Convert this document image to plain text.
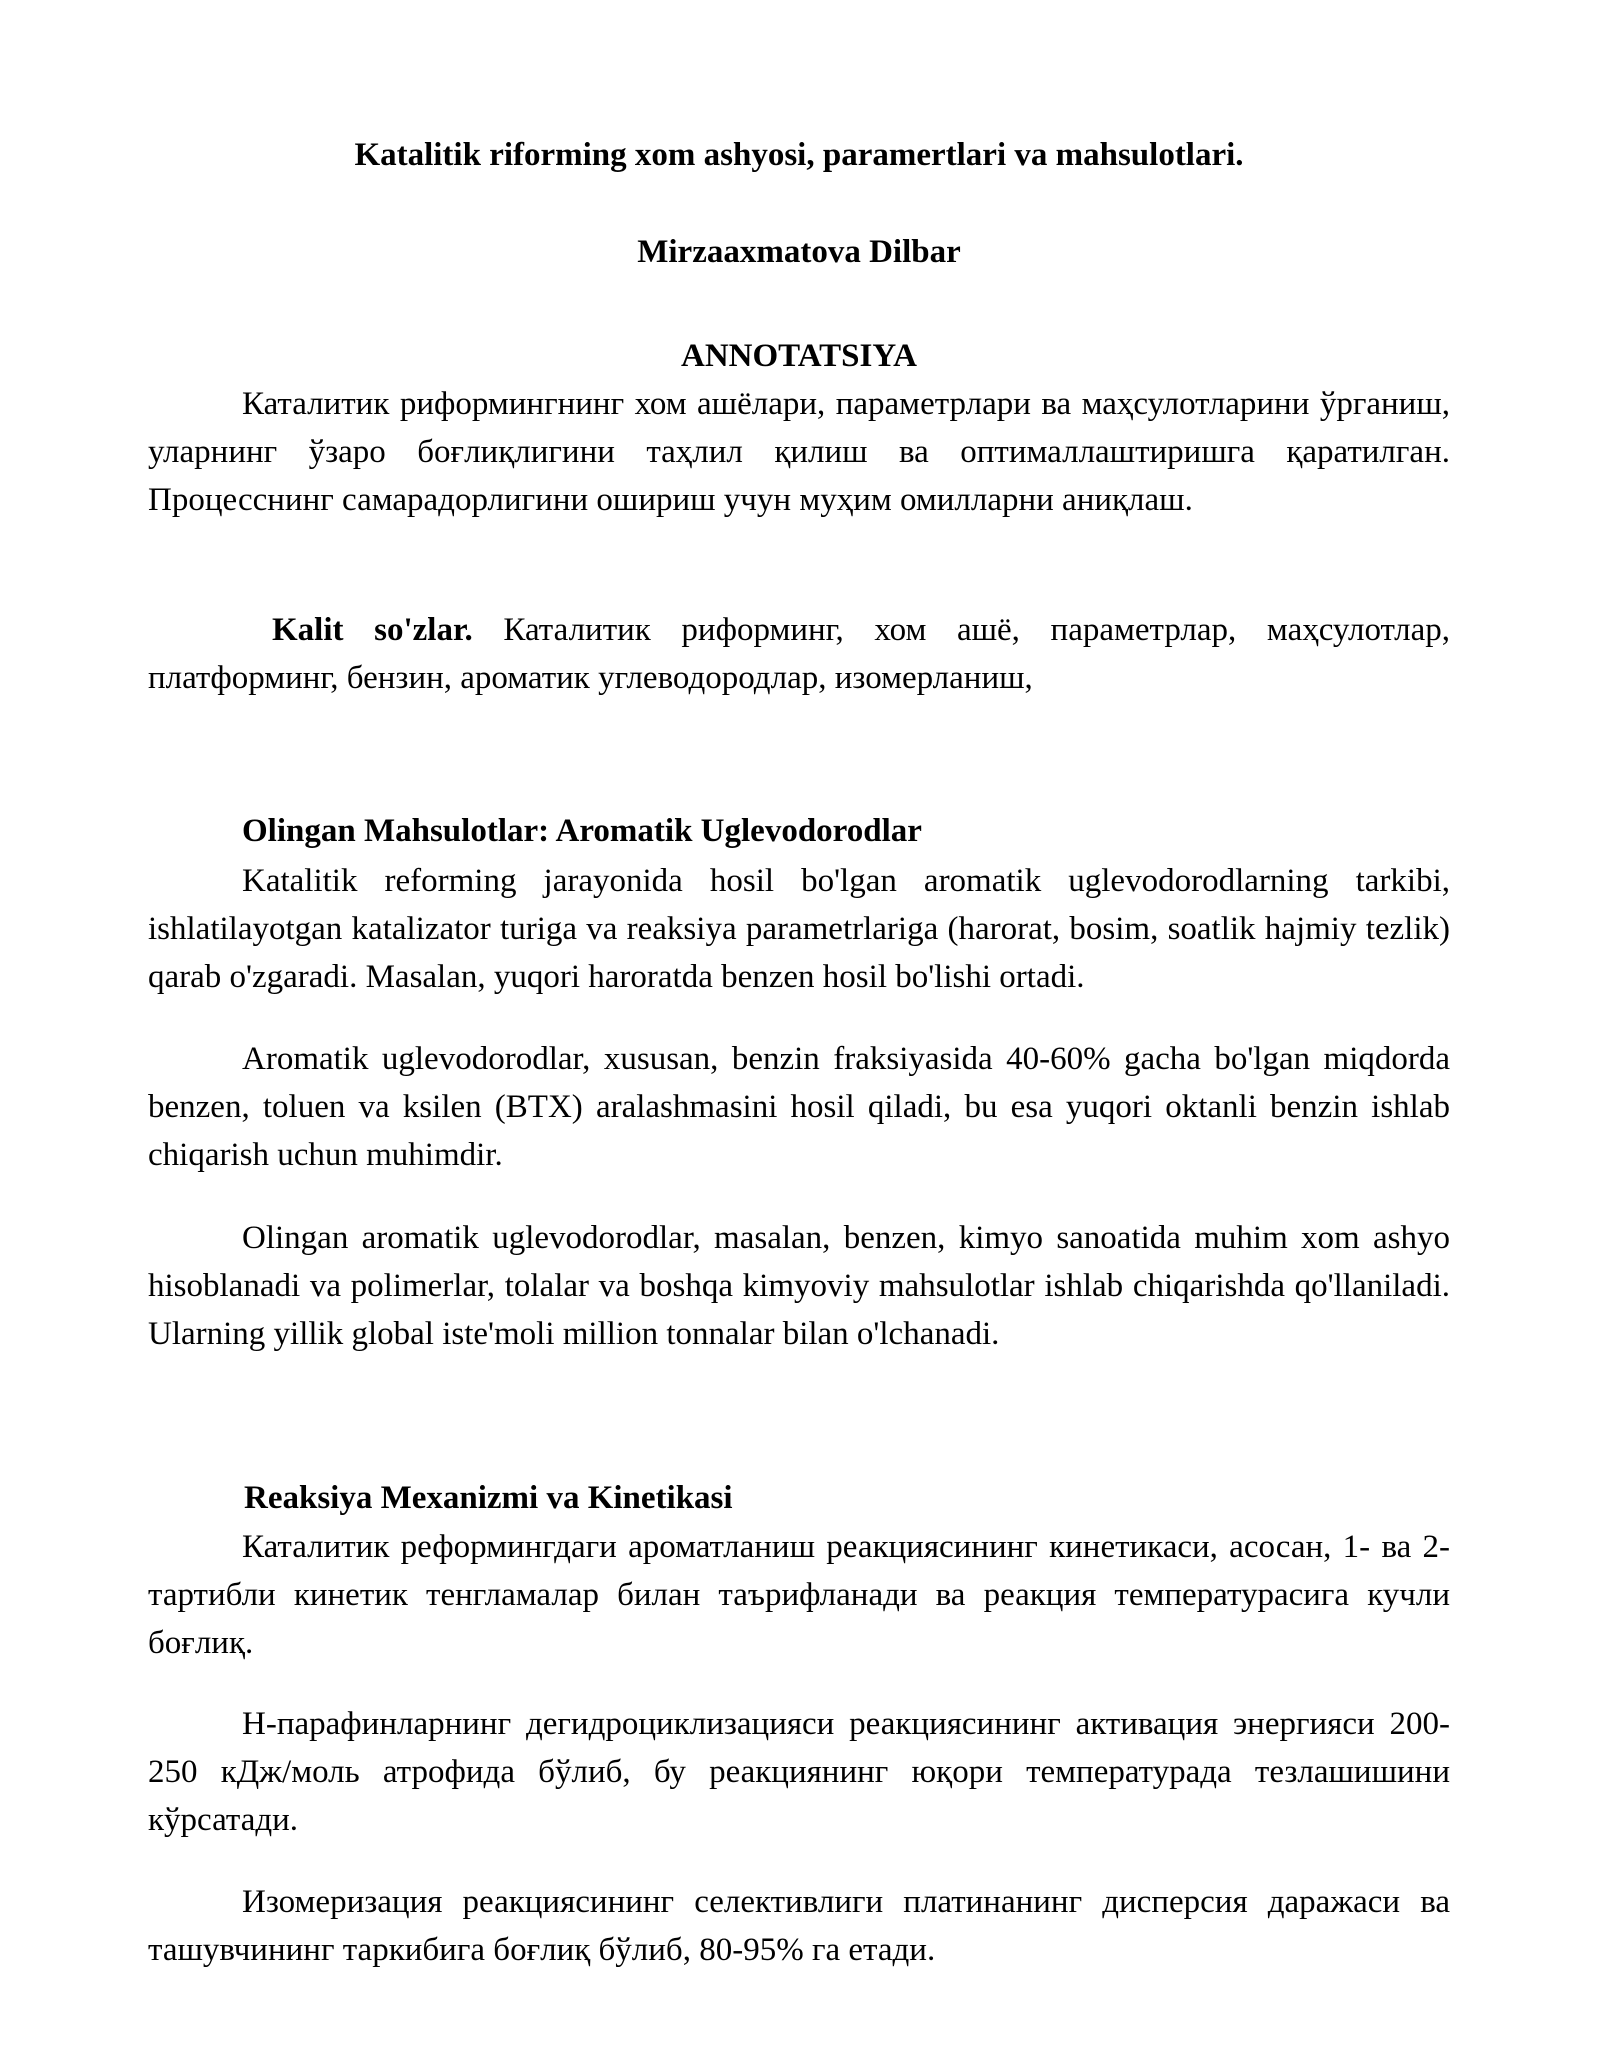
Katalitik riforming xom ashyosi, paramertlari va mahsulotlari.
Mirzaaxmatova Dilbar
ANNOTATSIYA

Каталитик риформингнинг хом ашёлари, параметрлари ва маҳсулотларини ўрганиш, уларнинг ўзаро боғлиқлигини таҳлил қилиш ва оптималлаштиришга қаратилган. Процесснинг самарадорлигини ошириш учун муҳим омилларни аниқлаш.

Kalit so'zlar. Каталитик риформинг, хом ашё, параметрлар, маҳсулотлар, платформинг, бензин, ароматик углеводородлар, изомерланиш,

Olingan Mahsulotlar: Aromatik Uglevodorodlar

Katalitik reforming jarayonida hosil bo'lgan aromatik uglevodorodlarning tarkibi, ishlatilayotgan katalizator turiga va reaksiya parametrlariga (harorat, bosim, soatlik hajmiy tezlik) qarab o'zgaradi. Masalan, yuqori haroratda benzen hosil bo'lishi ortadi.

Aromatik uglevodorodlar, xususan, benzin fraksiyasida 40-60% gacha bo'lgan miqdorda benzen, toluen va ksilen (BTX) aralashmasini hosil qiladi, bu esa yuqori oktanli benzin ishlab chiqarish uchun muhimdir.

Olingan aromatik uglevodorodlar, masalan, benzen, kimyo sanoatida muhim xom ashyo hisoblanadi va polimerlar, tolalar va boshqa kimyoviy mahsulotlar ishlab chiqarishda qo'llaniladi. Ularning yillik global iste'moli million tonnalar bilan o'lchanadi.

Reaksiya Mexanizmi va Kinetikasi

Каталитик реформингдаги ароматланиш реакциясининг кинетикаси, асосан, 1- ва 2- тартибли кинетик тенгламалар билан таърифланади ва реакция температурасига кучли боғлиқ.

Н-парафинларнинг дегидроциклизацияси реакциясининг активация энергияси 200-250 кДж/моль атрофида бўлиб, бу реакциянинг юқори температурада тезлашишини кўрсатади.

Изомеризация реакциясининг селективлиги платинанинг дисперсия даражаси ва ташувчининг таркибига боғлиқ бўлиб, 80-95% га етади.
